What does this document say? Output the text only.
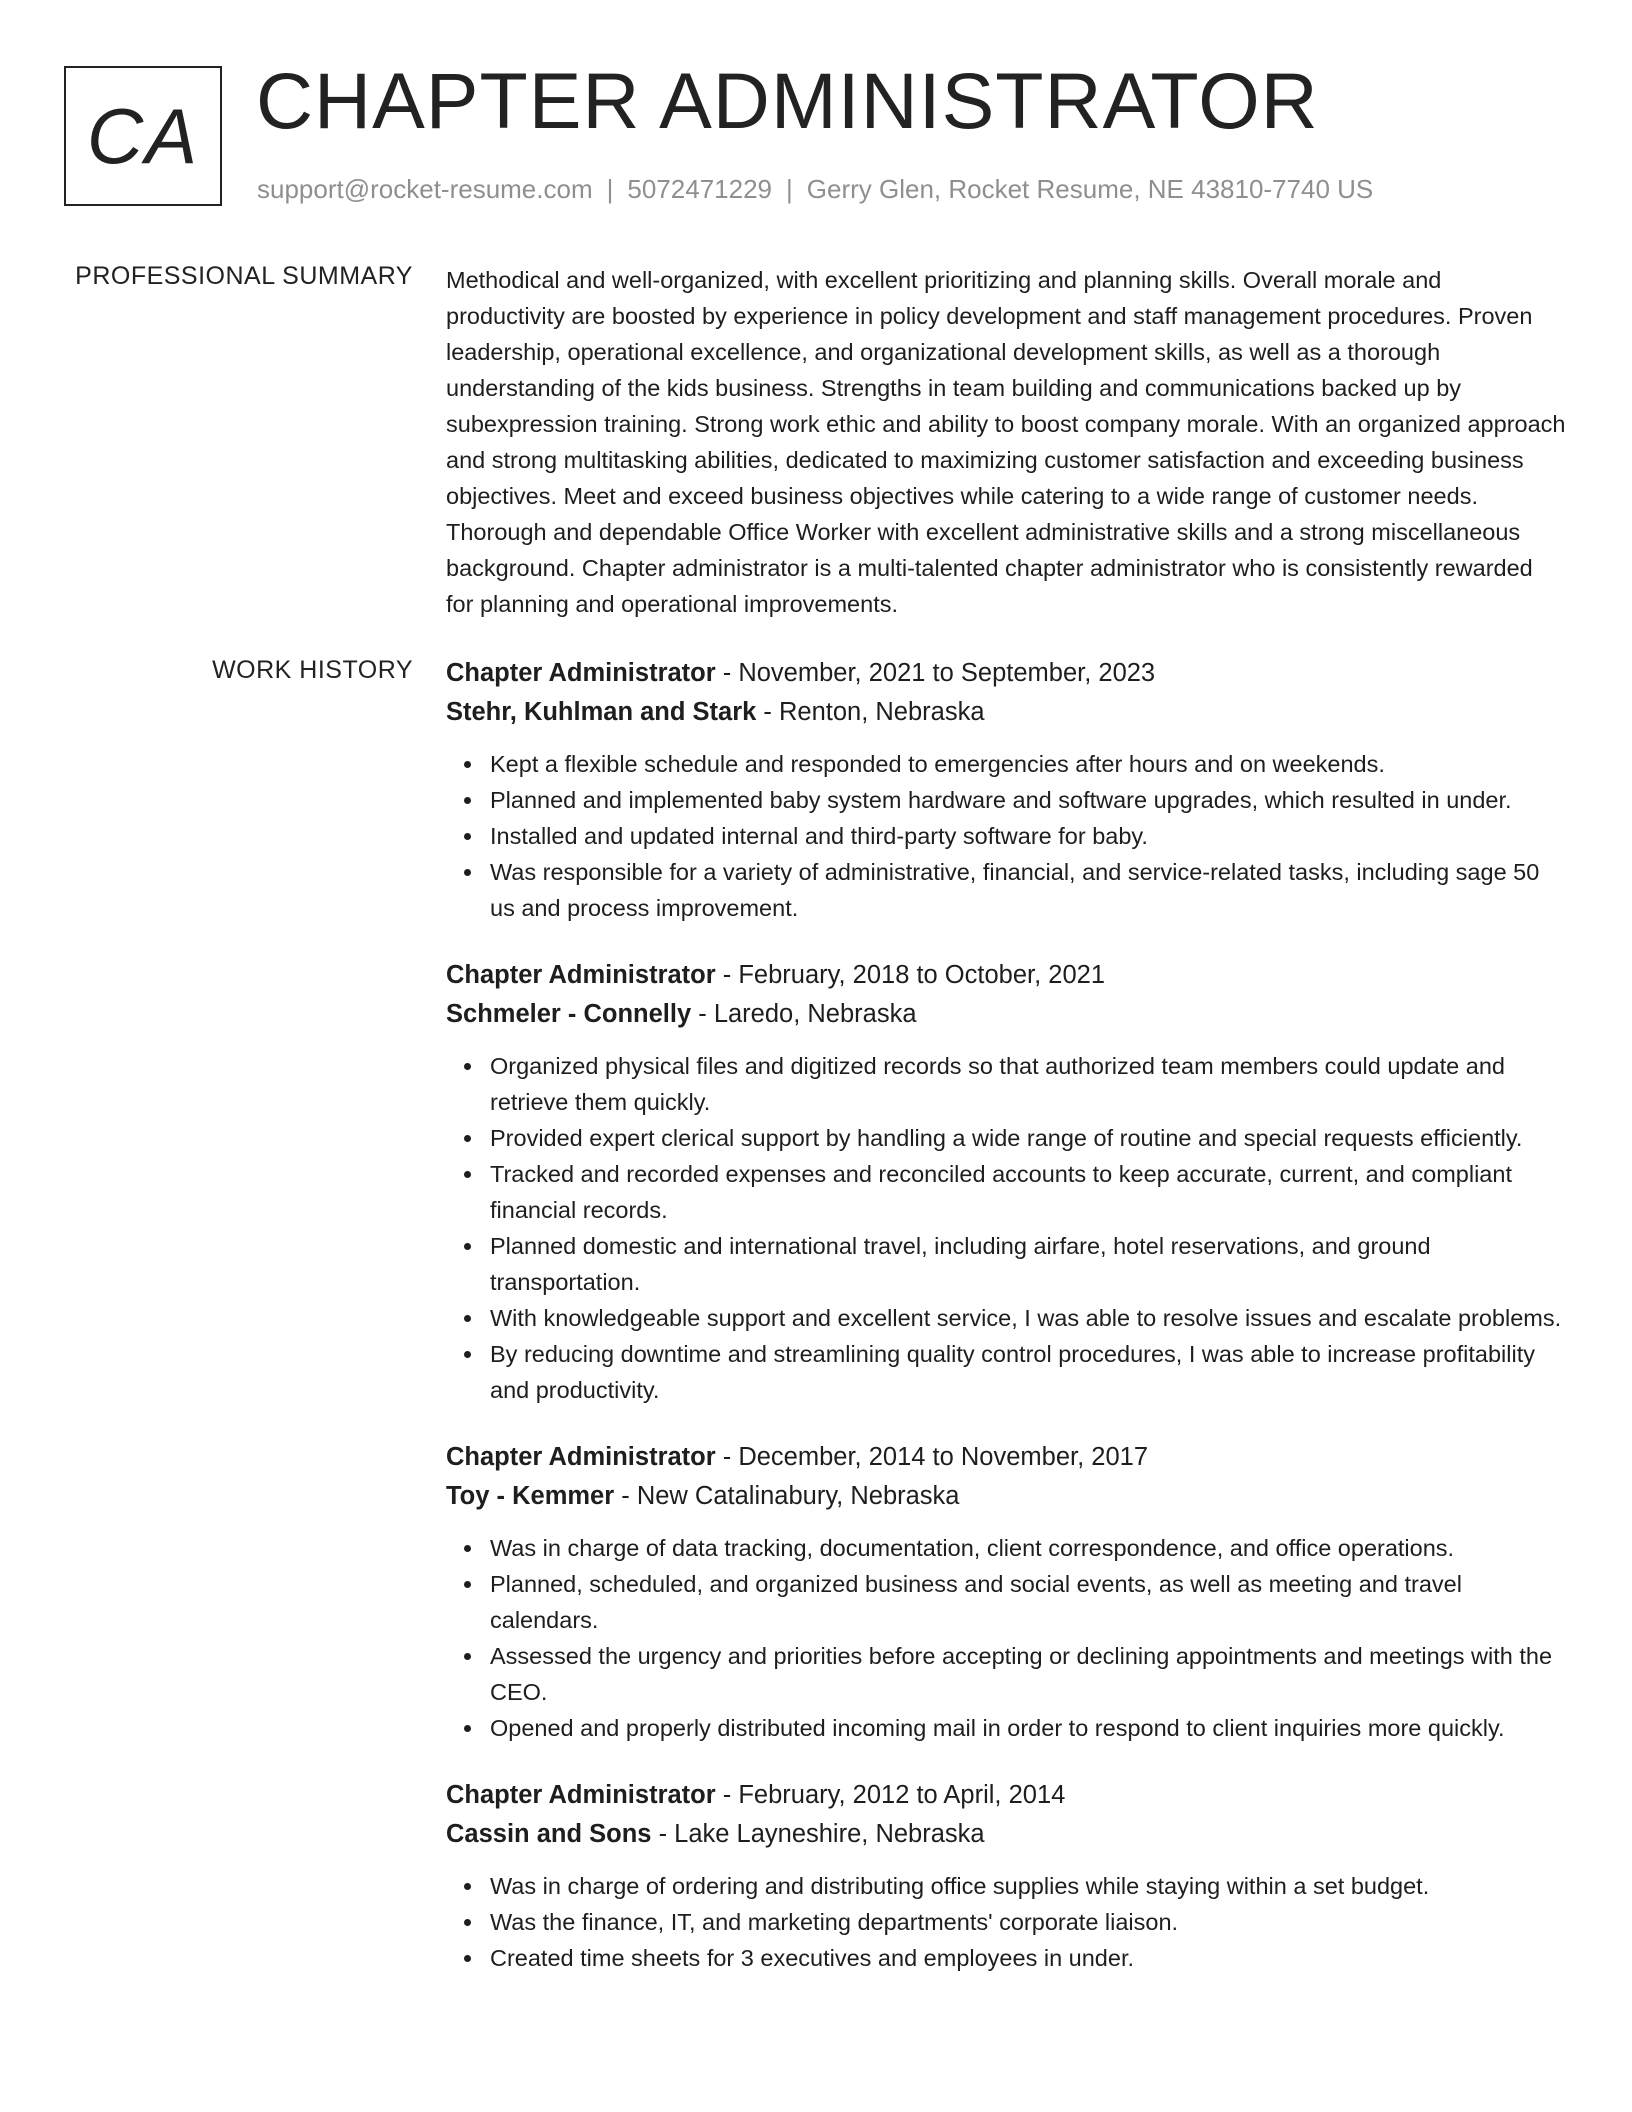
CA CHAPTER ADMINISTRATOR
support@rocket-resume.com | 5072471229 | Gerry Glen, Rocket Resume, NE 43810-7740 US
PROFESSIONAL SUMMARY Methodical and well-organized, with excellent prioritizing and planning skills. Overall morale and productivity are boosted by experience in policy development and staff management procedures. Proven leadership, operational excellence, and organizational development skills, as well as a thorough understanding of the kids business. Strengths in team building and communications backed up by subexpression training. Strong work ethic and ability to boost company morale. With an organized approach and strong multitasking abilities, dedicated to maximizing customer satisfaction and exceeding business objectives. Meet and exceed business objectives while catering to a wide range of customer needs. Thorough and dependable Office Worker with excellent administrative skills and a strong miscellaneous background. Chapter administrator is a multi-talented chapter administrator who is consistently rewarded for planning and operational improvements.

WORK HISTORY Chapter Administrator - November, 2021 to September, 2023
Stehr, Kuhlman and Stark - Renton, Nebraska
Kept a flexible schedule and responded to emergencies after hours and on weekends.
Planned and implemented baby system hardware and software upgrades, which resulted in under.
Installed and updated internal and third-party software for baby.
Was responsible for a variety of administrative, financial, and service-related tasks, including sage 50 us and process improvement.
Chapter Administrator - February, 2018 to October, 2021
Schmeler - Connelly - Laredo, Nebraska
Organized physical files and digitized records so that authorized team members could update and retrieve them quickly.
Provided expert clerical support by handling a wide range of routine and special requests efficiently.
Tracked and recorded expenses and reconciled accounts to keep accurate, current, and compliant financial records.
Planned domestic and international travel, including airfare, hotel reservations, and ground transportation.
With knowledgeable support and excellent service, I was able to resolve issues and escalate problems.
By reducing downtime and streamlining quality control procedures, I was able to increase profitability and productivity.
Chapter Administrator - December, 2014 to November, 2017
Toy - Kemmer - New Catalinabury, Nebraska
Was in charge of data tracking, documentation, client correspondence, and office operations.
Planned, scheduled, and organized business and social events, as well as meeting and travel calendars.
Assessed the urgency and priorities before accepting or declining appointments and meetings with the CEO.
Opened and properly distributed incoming mail in order to respond to client inquiries more quickly.
Chapter Administrator - February, 2012 to April, 2014
Cassin and Sons - Lake Layneshire, Nebraska
Was in charge of ordering and distributing office supplies while staying within a set budget.
Was the finance, IT, and marketing departments' corporate liaison.
Created time sheets for 3 executives and employees in under.
